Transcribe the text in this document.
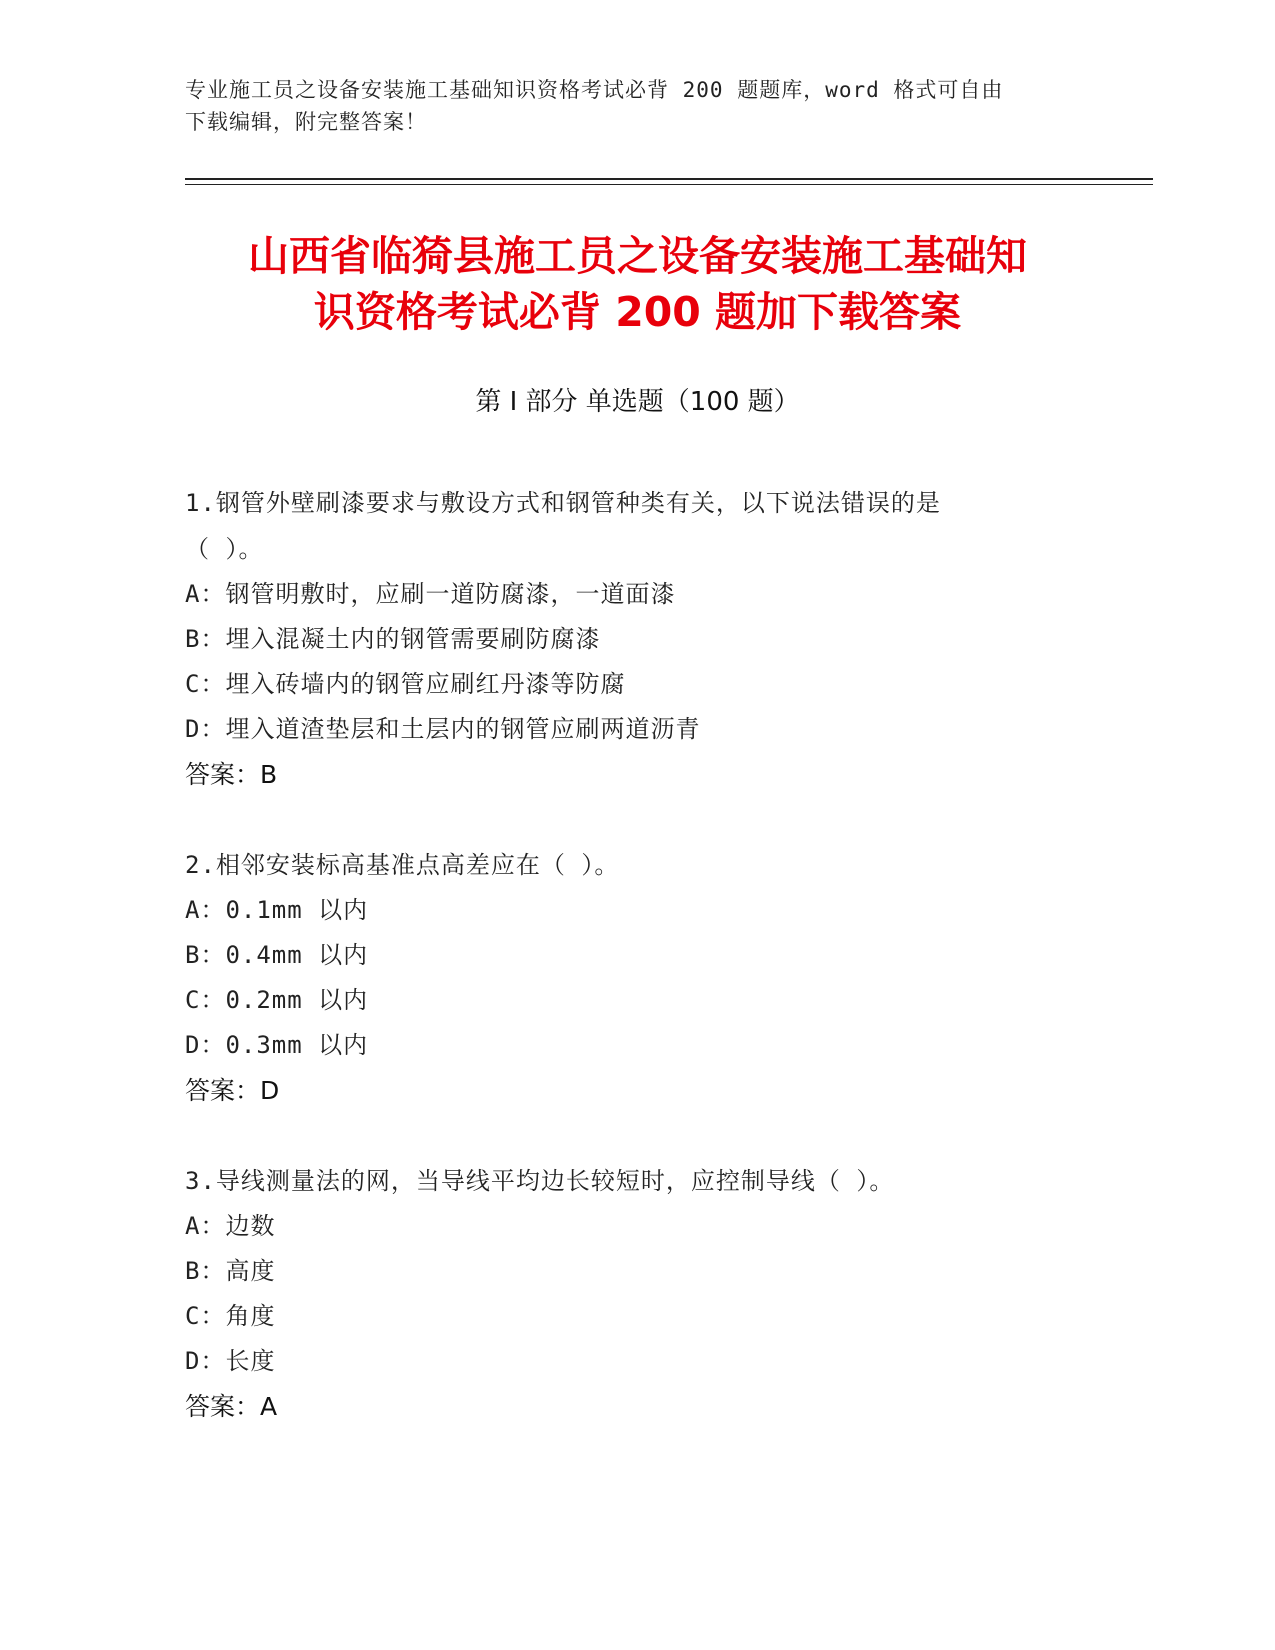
专业施工员之设备安装施工基础知识资格考试必背 200 题题库，word 格式可自由
下载编辑，附完整答案！
山西省临猗县施工员之设备安装施工基础知
识资格考试必背 200 题加下载答案
第 I 部分 单选题（100 题）
1.钢管外壁刷漆要求与敷设方式和钢管种类有关，以下说法错误的是
（ ）。
A：钢管明敷时，应刷一道防腐漆，一道面漆
B：埋入混凝土内的钢管需要刷防腐漆
C：埋入砖墙内的钢管应刷红丹漆等防腐
D：埋入道渣垫层和土层内的钢管应刷两道沥青
答案：B
2.相邻安装标高基准点高差应在（ ）。
A：0.1mm 以内
B：0.4mm 以内
C：0.2mm 以内
D：0.3mm 以内
答案：D
3.导线测量法的网，当导线平均边长较短时，应控制导线（ ）。
A：边数
B：高度
C：角度
D：长度
答案：A
